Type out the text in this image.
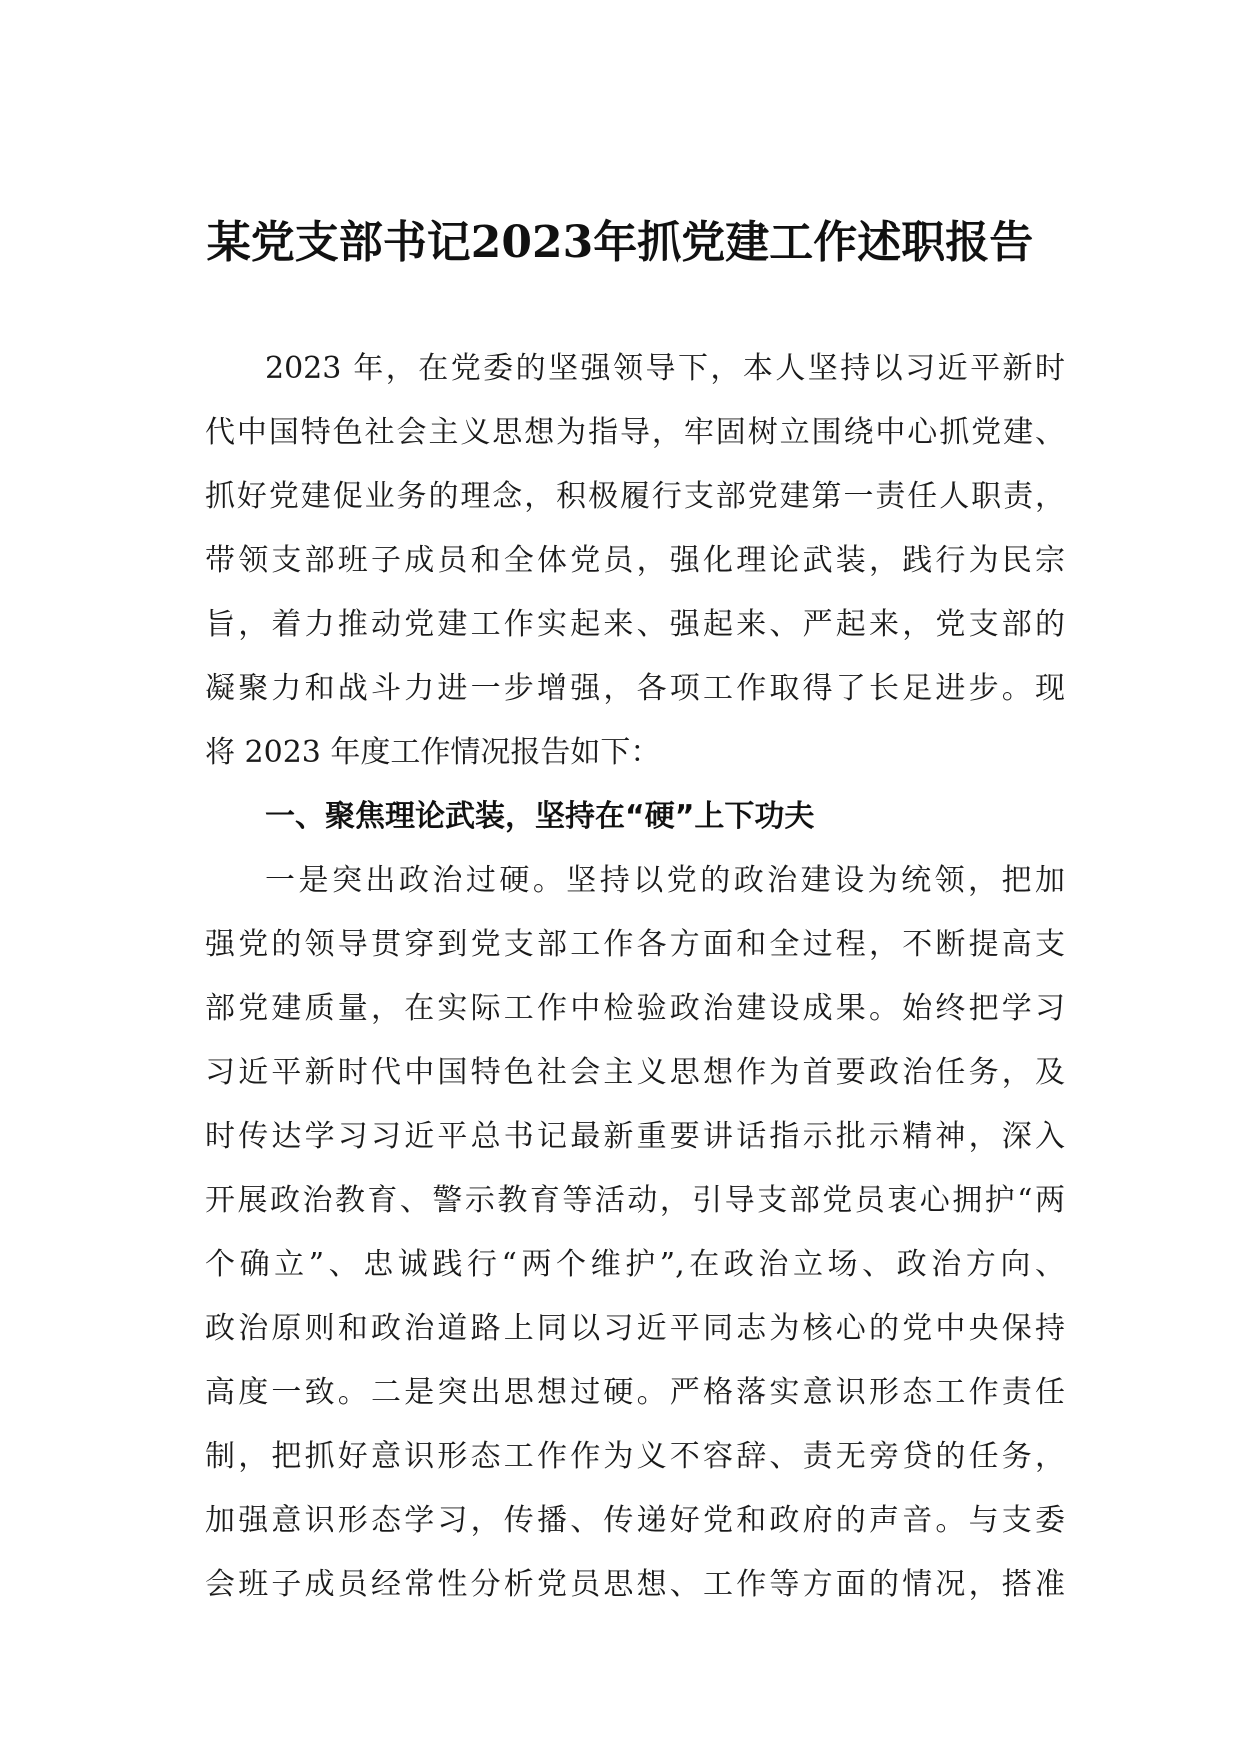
某党支部书记2023年抓党建工作述职报告
2023 年，在党委的坚强领导下，本人坚持以习近平新时
代中国特色社会主义思想为指导，牢固树立围绕中心抓党建、
抓好党建促业务的理念，积极履行支部党建第一责任人职责，
带领支部班子成员和全体党员，强化理论武装，践行为民宗
旨，着力推动党建工作实起来、强起来、严起来，党支部的
凝聚力和战斗力进一步增强，各项工作取得了长足进步。现
将 2023 年度工作情况报告如下：
一、聚焦理论武装，坚持在“硬”上下功夫
一是突出政治过硬。坚持以党的政治建设为统领，把加
强党的领导贯穿到党支部工作各方面和全过程，不断提高支
部党建质量，在实际工作中检验政治建设成果。始终把学习
习近平新时代中国特色社会主义思想作为首要政治任务，及
时传达学习习近平总书记最新重要讲话指示批示精神，深入
开展政治教育、警示教育等活动，引导支部党员衷心拥护“两
个确立”、忠诚践行“两个维护”,在政治立场、政治方向、
政治原则和政治道路上同以习近平同志为核心的党中央保持
高度一致。二是突出思想过硬。严格落实意识形态工作责任
制，把抓好意识形态工作作为义不容辞、责无旁贷的任务，
加强意识形态学习，传播、传递好党和政府的声音。与支委
会班子成员经常性分析党员思想、工作等方面的情况，搭准
